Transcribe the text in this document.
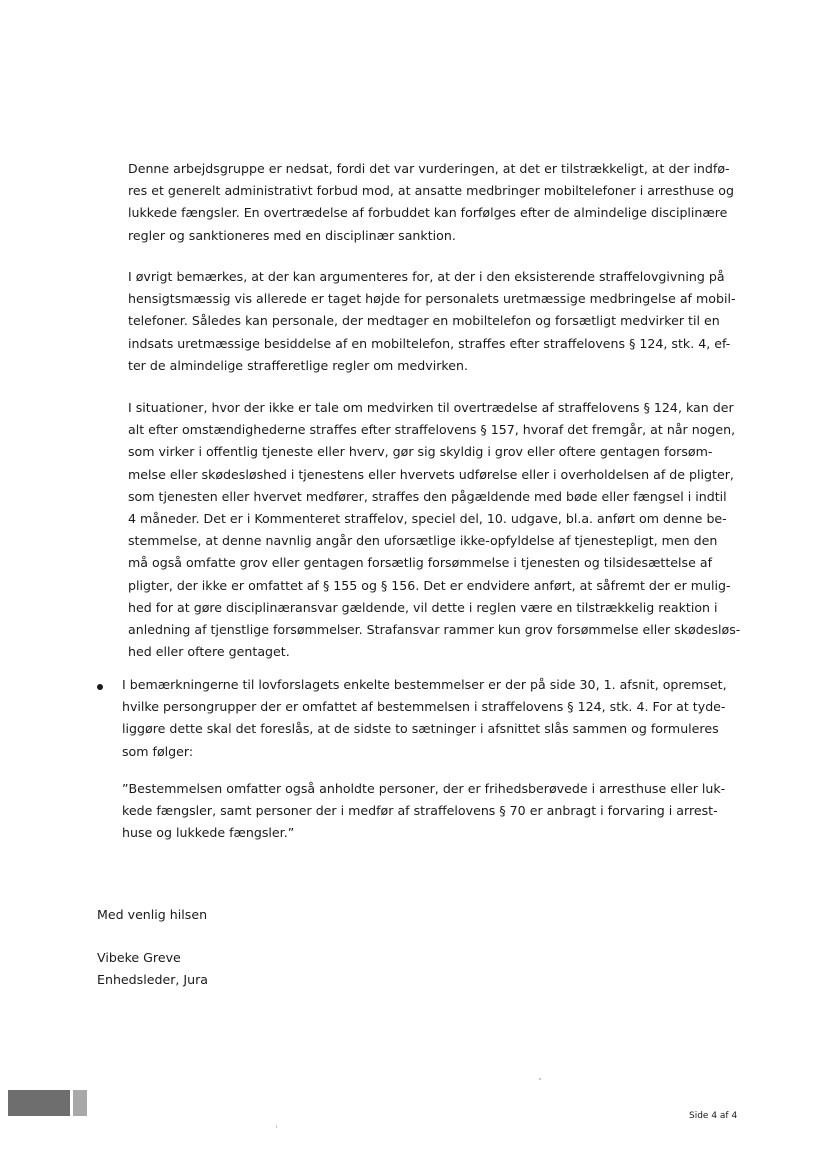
Denne arbejdsgruppe er nedsat, fordi det var vurderingen, at det er tilstrækkeligt, at der indfø-
res et generelt administrativt forbud mod, at ansatte medbringer mobiltelefoner i arresthuse og
lukkede fængsler. En overtrædelse af forbuddet kan forfølges efter de almindelige disciplinære
regler og sanktioneres med en disciplinær sanktion.

I øvrigt bemærkes, at der kan argumenteres for, at der i den eksisterende straffelovgivning på
hensigtsmæssig vis allerede er taget højde for personalets uretmæssige medbringelse af mobil-
telefoner. Således kan personale, der medtager en mobiltelefon og forsætligt medvirker til en
indsats uretmæssige besiddelse af en mobiltelefon, straffes efter straffelovens § 124, stk. 4, ef-
ter de almindelige strafferetlige regler om medvirken.

I situationer, hvor der ikke er tale om medvirken til overtrædelse af straffelovens § 124, kan der
alt efter omstændighederne straffes efter straffelovens § 157, hvoraf det fremgår, at når nogen,
som virker i offentlig tjeneste eller hverv, gør sig skyldig i grov eller oftere gentagen forsøm-
melse eller skødesløshed i tjenestens eller hvervets udførelse eller i overholdelsen af de pligter,
som tjenesten eller hvervet medfører, straffes den pågældende med bøde eller fængsel i indtil
4 måneder. Det er i Kommenteret straffelov, speciel del, 10. udgave, bl.a. anført om denne be-
stemmelse, at denne navnlig angår den uforsætlige ikke-opfyldelse af tjenestepligt, men den
må også omfatte grov eller gentagen forsætlig forsømmelse i tjenesten og tilsidesættelse af
pligter, der ikke er omfattet af § 155 og § 156. Det er endvidere anført, at såfremt der er mulig-
hed for at gøre disciplinæransvar gældende, vil dette i reglen være en tilstrækkelig reaktion i
anledning af tjenstlige forsømmelser. Strafansvar rammer kun grov forsømmelse eller skødesløs-
hed eller oftere gentaget.

I bemærkningerne til lovforslagets enkelte bestemmelser er der på side 30, 1. afsnit, opremset,
hvilke persongrupper der er omfattet af bestemmelsen i straffelovens § 124, stk. 4. For at tyde-
liggøre dette skal det foreslås, at de sidste to sætninger i afsnittet slås sammen og formuleres
som følger:

”Bestemmelsen omfatter også anholdte personer, der er frihedsberøvede i arresthuse eller luk-
kede fængsler, samt personer der i medfør af straffelovens § 70 er anbragt i forvaring i arrest-
huse og lukkede fængsler.”

Med venlig hilsen

Vibeke Greve
Enhedsleder, Jura

Side 4 af 4
